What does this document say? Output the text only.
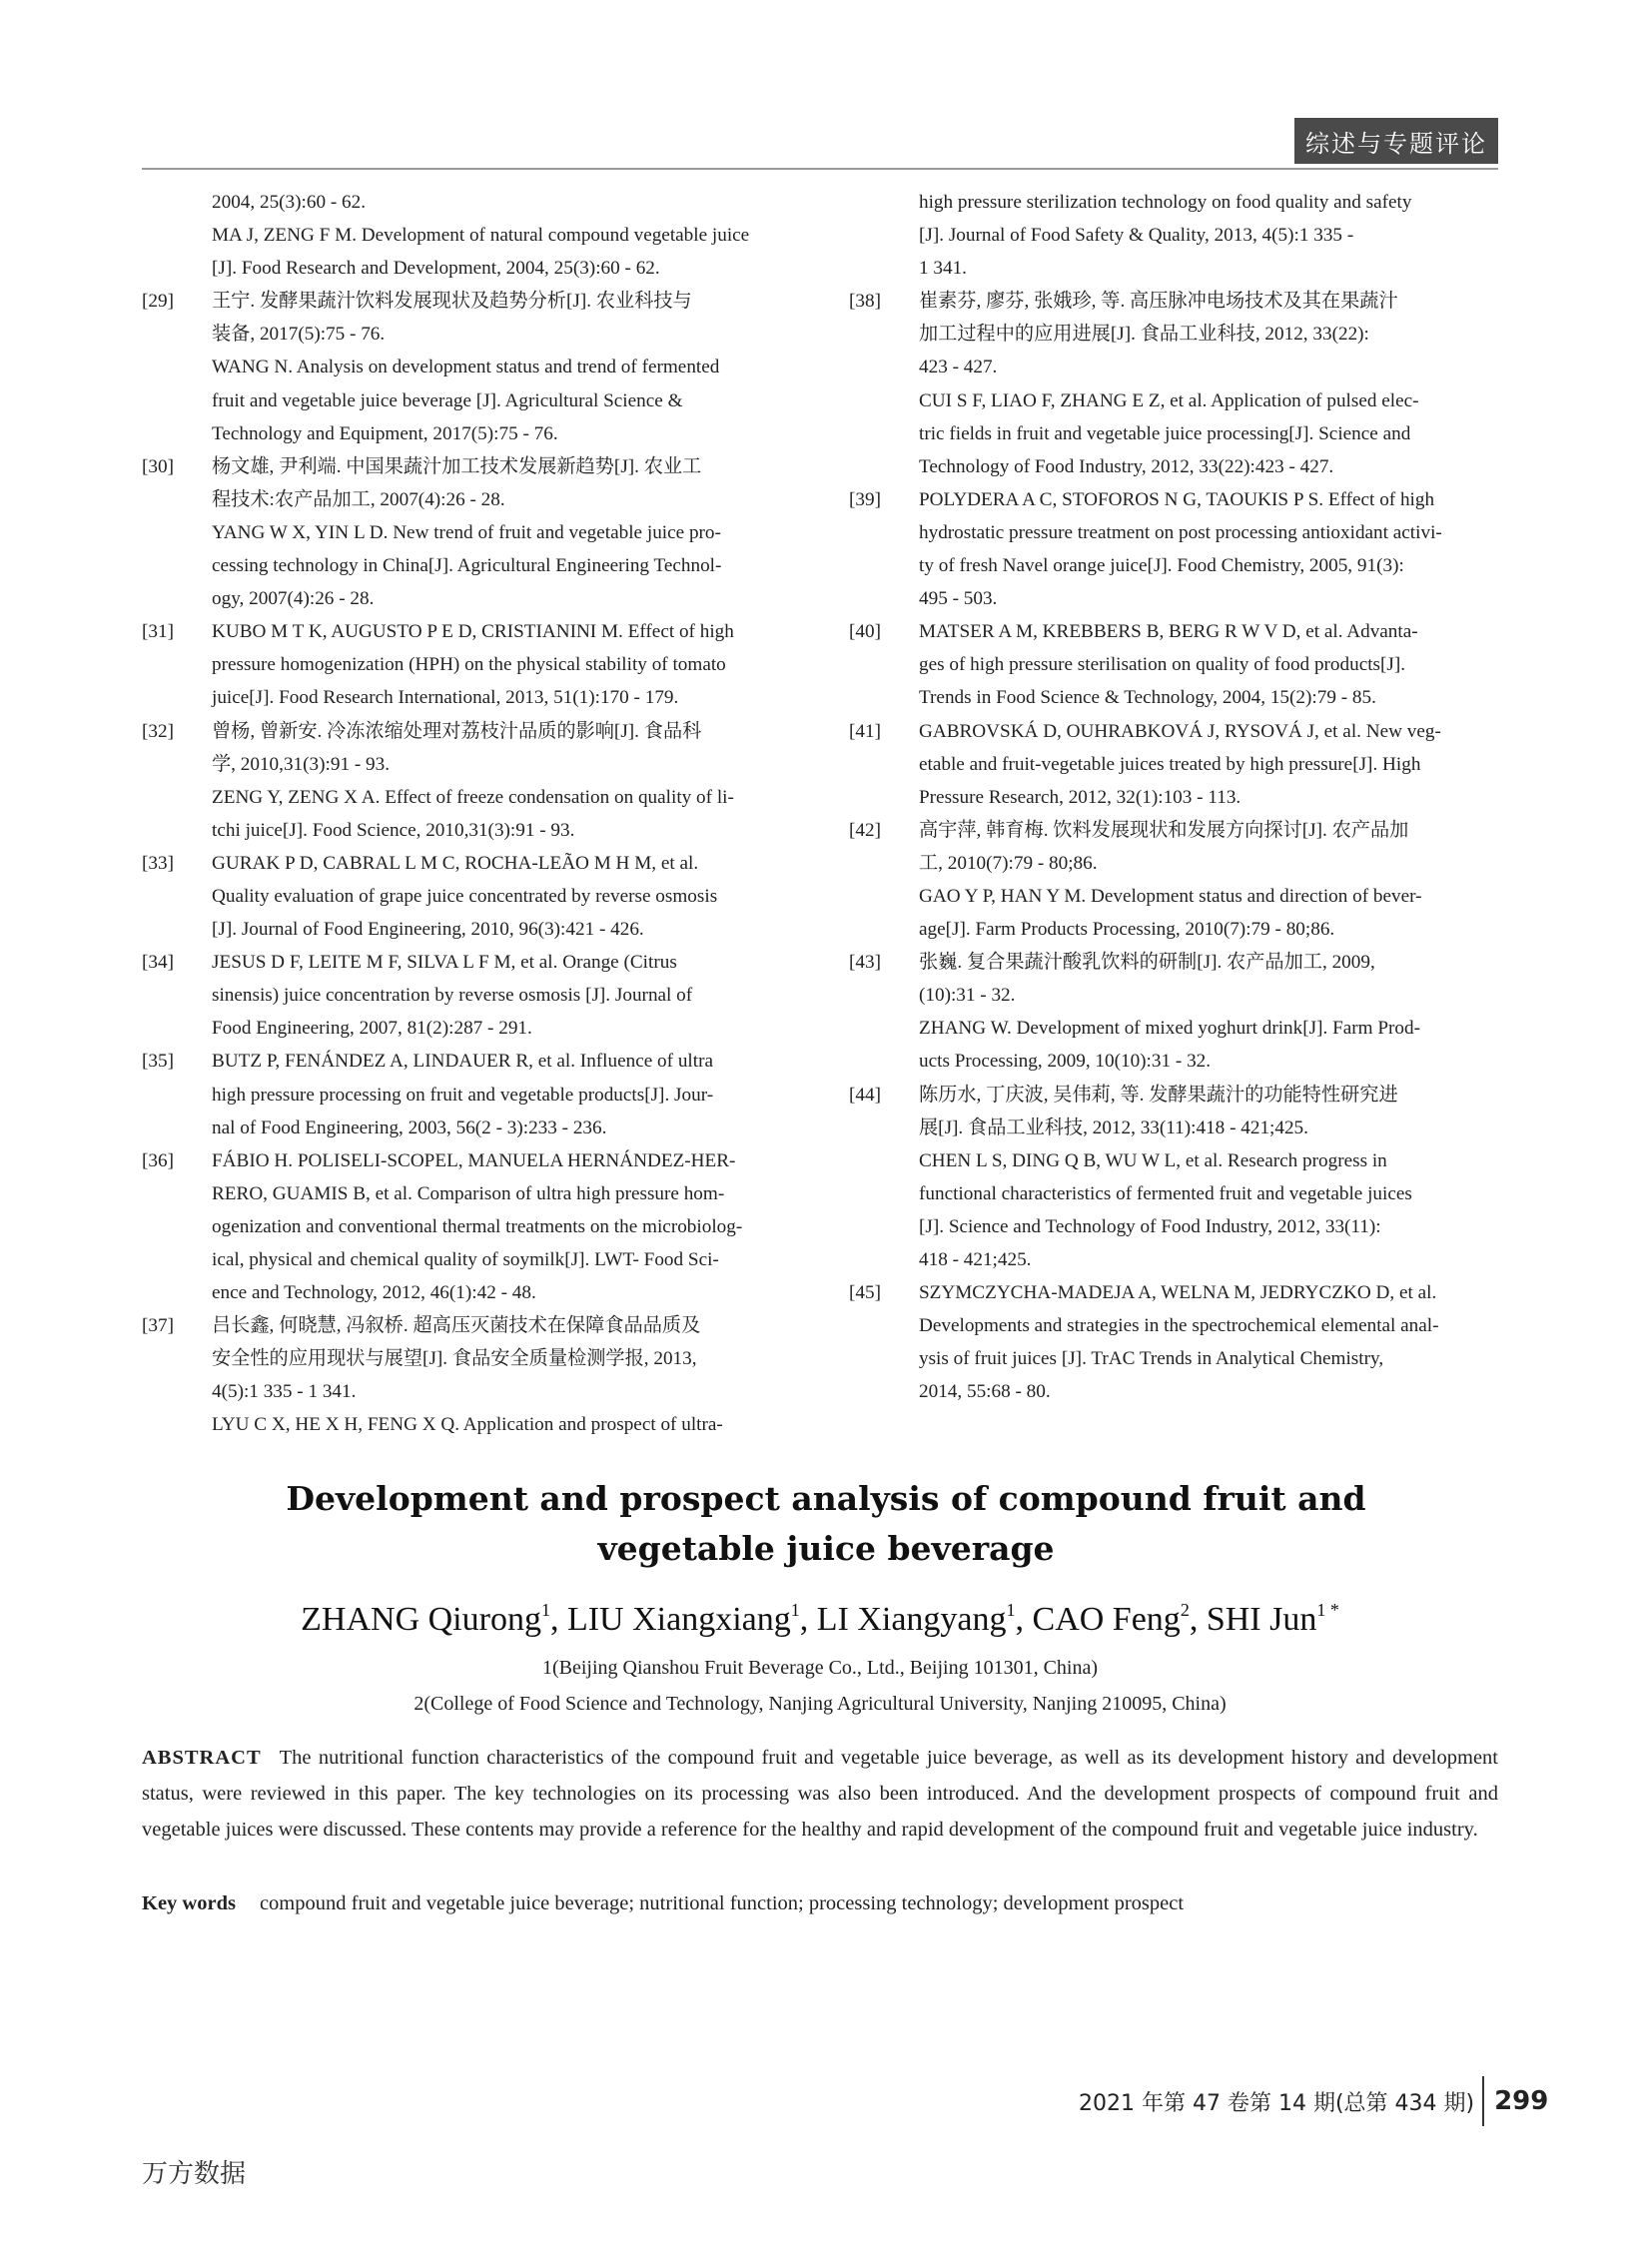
综述与专题评论
2004, 25(3):60 - 62.
MA J, ZENG F M. Development of natural compound vegetable juice
[J]. Food Research and Development, 2004, 25(3):60 - 62.
[29]	王宁. 发酵果蔬汁饮料发展现状及趋势分析[J]. 农业科技与
装备, 2017(5):75 - 76.
WANG N. Analysis on development status and trend of fermented
fruit and vegetable juice beverage [J]. Agricultural Science &
Technology and Equipment, 2017(5):75 - 76.
[30]	杨文雄, 尹利端. 中国果蔬汁加工技术发展新趋势[J]. 农业工
程技术:农产品加工, 2007(4):26 - 28.
YANG W X, YIN L D. New trend of fruit and vegetable juice pro-
cessing technology in China[J]. Agricultural Engineering Technol-
ogy, 2007(4):26 - 28.
[31]	KUBO M T K, AUGUSTO P E D, CRISTIANINI M. Effect of high
pressure homogenization (HPH) on the physical stability of tomato
juice[J]. Food Research International, 2013, 51(1):170 - 179.
[32]	曾杨, 曾新安. 冷冻浓缩处理对荔枝汁品质的影响[J]. 食品科
学, 2010,31(3):91 - 93.
ZENG Y, ZENG X A. Effect of freeze condensation on quality of li-
tchi juice[J]. Food Science, 2010,31(3):91 - 93.
[33]	GURAK P D, CABRAL L M C, ROCHA-LEÃO M H M, et al.
Quality evaluation of grape juice concentrated by reverse osmosis
[J]. Journal of Food Engineering, 2010, 96(3):421 - 426.
[34]	JESUS D F, LEITE M F, SILVA L F M, et al. Orange (Citrus
sinensis) juice concentration by reverse osmosis [J]. Journal of
Food Engineering, 2007, 81(2):287 - 291.
[35]	BUTZ P, FENÁNDEZ A, LINDAUER R, et al. Influence of ultra
high pressure processing on fruit and vegetable products[J]. Jour-
nal of Food Engineering, 2003, 56(2 - 3):233 - 236.
[36]	FÁBIO H. POLISELI-SCOPEL, MANUELA HERNÁNDEZ-HER-
RERO, GUAMIS B, et al. Comparison of ultra high pressure hom-
ogenization and conventional thermal treatments on the microbiolog-
ical, physical and chemical quality of soymilk[J]. LWT- Food Sci-
ence and Technology, 2012, 46(1):42 - 48.
[37]	吕长鑫, 何晓慧, 冯叙桥. 超高压灭菌技术在保障食品品质及
安全性的应用现状与展望[J]. 食品安全质量检测学报, 2013,
4(5):1 335 - 1 341.
LYU C X, HE X H, FENG X Q. Application and prospect of ultra-
high pressure sterilization technology on food quality and safety
[J]. Journal of Food Safety & Quality, 2013, 4(5):1 335 -
1 341.
[38]	崔素芬, 廖芬, 张娥珍, 等. 高压脉冲电场技术及其在果蔬汁
加工过程中的应用进展[J]. 食品工业科技, 2012, 33(22):
423 - 427.
CUI S F, LIAO F, ZHANG E Z, et al. Application of pulsed elec-
tric fields in fruit and vegetable juice processing[J]. Science and
Technology of Food Industry, 2012, 33(22):423 - 427.
[39]	POLYDERA A C, STOFOROS N G, TAOUKIS P S. Effect of high
hydrostatic pressure treatment on post processing antioxidant activi-
ty of fresh Navel orange juice[J]. Food Chemistry, 2005, 91(3):
495 - 503.
[40]	MATSER A M, KREBBERS B, BERG R W V D, et al. Advanta-
ges of high pressure sterilisation on quality of food products[J].
Trends in Food Science & Technology, 2004, 15(2):79 - 85.
[41]	GABROVSKÁ D, OUHRABKOVÁ J, RYSOVÁ J, et al. New veg-
etable and fruit-vegetable juices treated by high pressure[J]. High
Pressure Research, 2012, 32(1):103 - 113.
[42]	高宇萍, 韩育梅. 饮料发展现状和发展方向探讨[J]. 农产品加
工, 2010(7):79 - 80;86.
GAO Y P, HAN Y M. Development status and direction of bever-
age[J]. Farm Products Processing, 2010(7):79 - 80;86.
[43]	张巍. 复合果蔬汁酸乳饮料的研制[J]. 农产品加工, 2009,
(10):31 - 32.
ZHANG W. Development of mixed yoghurt drink[J]. Farm Prod-
ucts Processing, 2009, 10(10):31 - 32.
[44]	陈历水, 丁庆波, 吴伟莉, 等. 发酵果蔬汁的功能特性研究进
展[J]. 食品工业科技, 2012, 33(11):418 - 421;425.
CHEN L S, DING Q B, WU W L, et al. Research progress in
functional characteristics of fermented fruit and vegetable juices
[J]. Science and Technology of Food Industry, 2012, 33(11):
418 - 421;425.
[45]	SZYMCZYCHA-MADEJA A, WELNA M, JEDRYCZKO D, et al.
Developments and strategies in the spectrochemical elemental anal-
ysis of fruit juices [J]. TrAC Trends in Analytical Chemistry,
2014, 55:68 - 80.
Development and prospect analysis of compound fruit and
vegetable juice beverage
ZHANG Qiurong$^1$, LIU Xiangxiang$^1$, LI Xiangyang$^1$, CAO Feng$^2$, SHI Jun$^{1 *}$
1(Beijing Qianshou Fruit Beverage Co., Ltd., Beijing 101301, China)
2(College of Food Science and Technology, Nanjing Agricultural University, Nanjing 210095, China)
ABSTRACT The nutritional function characteristics of the compound fruit and vegetable juice beverage, as well as its development history and development status, were reviewed in this paper. The key technologies on its processing was also been introduced. And the development prospects of compound fruit and vegetable juices were discussed. These contents may provide a reference for the healthy and rapid development of the compound fruit and vegetable juice industry.
Key words compound fruit and vegetable juice beverage; nutritional function; processing technology; development prospect
2021 年第 47 卷第 14 期(总第 434 期) 299
万方数据
